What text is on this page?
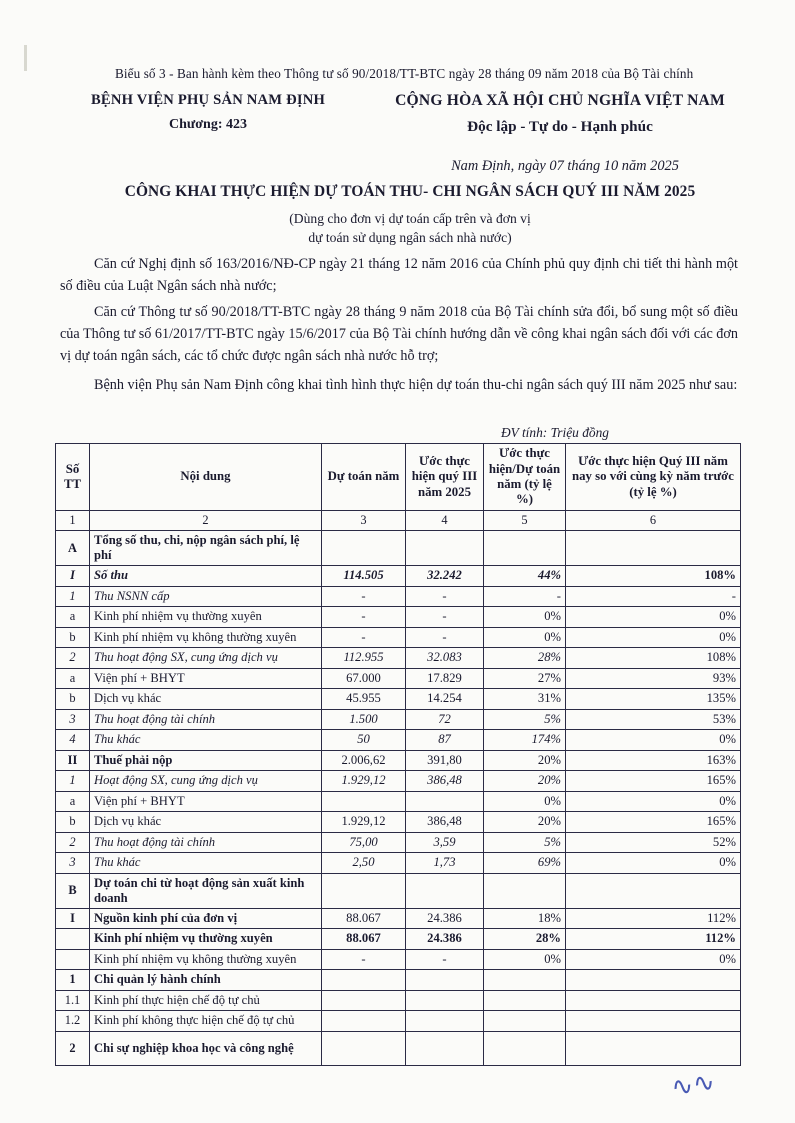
Biểu số 3 - Ban hành kèm theo Thông tư số 90/2018/TT-BTC ngày 28 tháng 09 năm 2018 của Bộ Tài chính
BỆNH VIỆN PHỤ SẢN NAM ĐỊNH
Chương: 423
CỘNG HÒA XÃ HỘI CHỦ NGHĨA VIỆT NAM
Độc lập - Tự do - Hạnh phúc
Nam Định, ngày 07 tháng 10 năm 2025
CÔNG KHAI THỰC HIỆN DỰ TOÁN THU- CHI NGÂN SÁCH QUÝ III NĂM 2025
(Dùng cho đơn vị dự toán cấp trên và đơn vị
dự toán sử dụng ngân sách nhà nước)
Căn cứ Nghị định số 163/2016/NĐ-CP ngày 21 tháng 12 năm 2016 của Chính phủ quy định chi tiết thi hành một số điều của Luật Ngân sách nhà nước;
Căn cứ Thông tư số 90/2018/TT-BTC ngày 28 tháng 9 năm 2018 của Bộ Tài chính sửa đổi, bổ sung một số điều của Thông tư số 61/2017/TT-BTC ngày 15/6/2017 của Bộ Tài chính hướng dẫn về công khai ngân sách đối với các đơn vị dự toán ngân sách, các tổ chức được ngân sách nhà nước hỗ trợ;
Bệnh viện Phụ sản Nam Định công khai tình hình thực hiện dự toán thu-chi ngân sách quý III năm 2025 như sau:
ĐV tính: Triệu đồng
Số TT	Nội dung	Dự toán năm	Ước thực hiện quý III năm 2025	Ước thực hiện/Dự toán năm (tỷ lệ %)	Ước thực hiện Quý III năm nay so với cùng kỳ năm trước (tỷ lệ %)
1	2	3	4	5	6
A	Tổng số thu, chi, nộp ngân sách phí, lệ phí				
I	Số thu	114.505	32.242	44%	108%
1	Thu NSNN cấp	-	-	-	-
a	Kinh phí nhiệm vụ thường xuyên	-	-	0%	0%
b	Kinh phí nhiệm vụ không thường xuyên	-	-	0%	0%
2	Thu hoạt động SX, cung ứng dịch vụ	112.955	32.083	28%	108%
a	Viện phí + BHYT	67.000	17.829	27%	93%
b	Dịch vụ khác	45.955	14.254	31%	135%
3	Thu hoạt động tài chính	1.500	72	5%	53%
4	Thu khác	50	87	174%	0%
II	Thuế phải nộp	2.006,62	391,80	20%	163%
1	Hoạt động SX, cung ứng dịch vụ	1.929,12	386,48	20%	165%
a	Viện phí + BHYT			0%	0%
b	Dịch vụ khác	1.929,12	386,48	20%	165%
2	Thu hoạt động tài chính	75,00	3,59	5%	52%
3	Thu khác	2,50	1,73	69%	0%
B	Dự toán chi từ hoạt động sản xuất kinh doanh				
I	Nguồn kinh phí của đơn vị	88.067	24.386	18%	112%
	Kinh phí nhiệm vụ thường xuyên	88.067	24.386	28%	112%
	Kinh phí nhiệm vụ không thường xuyên	-	-	0%	0%
1	Chi quản lý hành chính				
1.1	Kinh phí thực hiện chế độ tự chủ				
1.2	Kinh phí không thực hiện chế độ tự chủ				
2	Chi sự nghiệp khoa học và công nghệ				
∿∿
